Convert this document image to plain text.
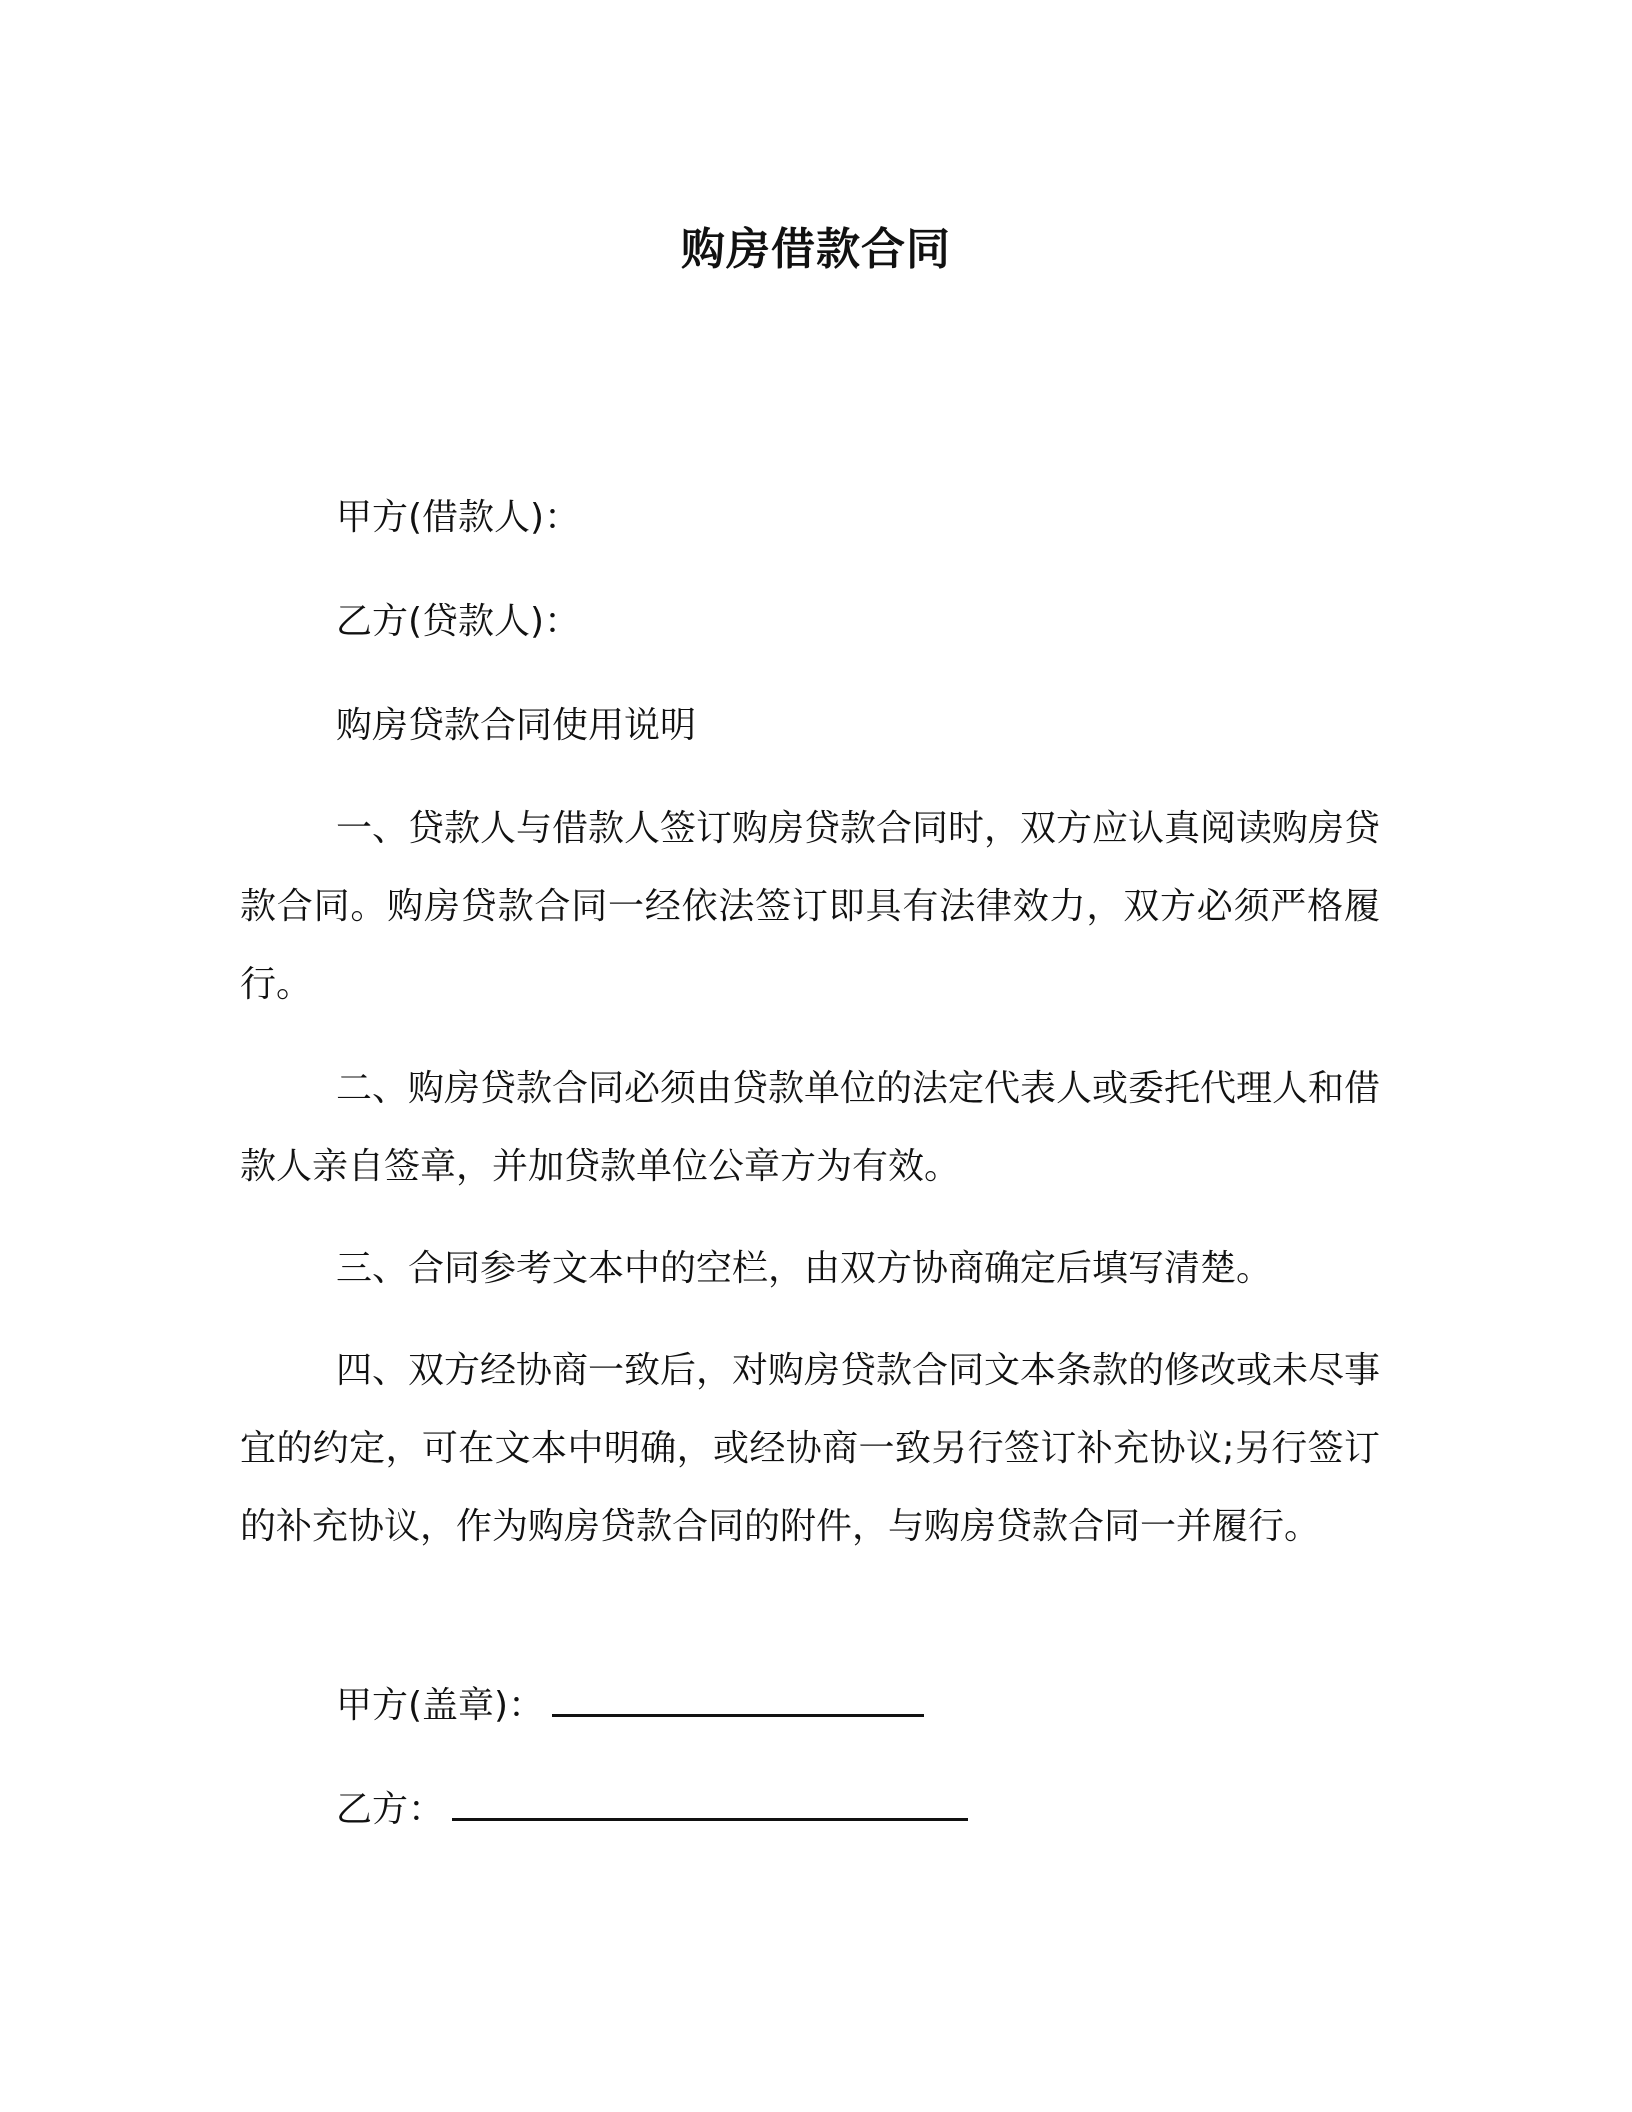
购房借款合同
甲方(借款人)：
乙方(贷款人)：
购房贷款合同使用说明
一、贷款人与借款人签订购房贷款合同时，双方应认真阅读购房贷款合同。购房贷款合同一经依法签订即具有法律效力，双方必须严格履行。
二、购房贷款合同必须由贷款单位的法定代表人或委托代理人和借款人亲自签章，并加贷款单位公章方为有效。
三、合同参考文本中的空栏，由双方协商确定后填写清楚。
四、双方经协商一致后，对购房贷款合同文本条款的修改或未尽事宜的约定，可在文本中明确，或经协商一致另行签订补充协议;另行签订的补充协议，作为购房贷款合同的附件，与购房贷款合同一并履行。
甲方(盖章)：
乙方：
